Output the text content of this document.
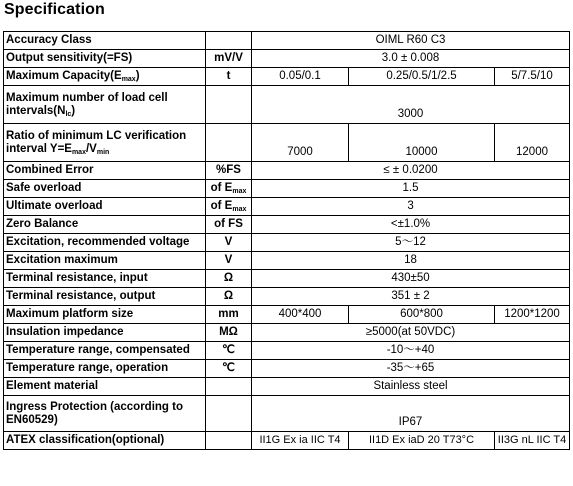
Specification
Accuracy Class		OIML R60 C3		
Output sensitivity(=FS)	mV/V	3.0 ± 0.008		
Maximum $Capacity(E_{max})$	t	0.05/0.1	0.25/0.5/1/2.5	5/7.5/10
Maximum number of load cell $intervals(N_{lc})$		3000		
Ratio of minimum LC verification interval $Y=E_{max}/V_{min}$		7000	10000	12000
Combined Error	%FS	≤ ± 0.0200		
Safe overload	of $E_{max}$	1.5		
Ultimate overload	of $E_{max}$	3		
Zero Balance	of FS	<±1.0%		
Excitation, recommended voltage	V	5～12		
Excitation maximum	V	18		
Terminal resistance, input	Ω	430±50		
Terminal resistance, output	Ω	351 ± 2		
Maximum platform size	mm	400*400	600*800	1200*1200
Insulation impedance	MΩ	≥5000(at 50VDC)		
Temperature range, compensated	℃	-10～+40		
Temperature range, operation	℃	-35～+65		
Element material		Stainless steel		
Ingress Protection (according to EN60529)		IP67		
ATEX classification(optional)		II1G Ex ia IIC T4	II1D Ex iaD 20 T73°C	II3G nL IIC T4
